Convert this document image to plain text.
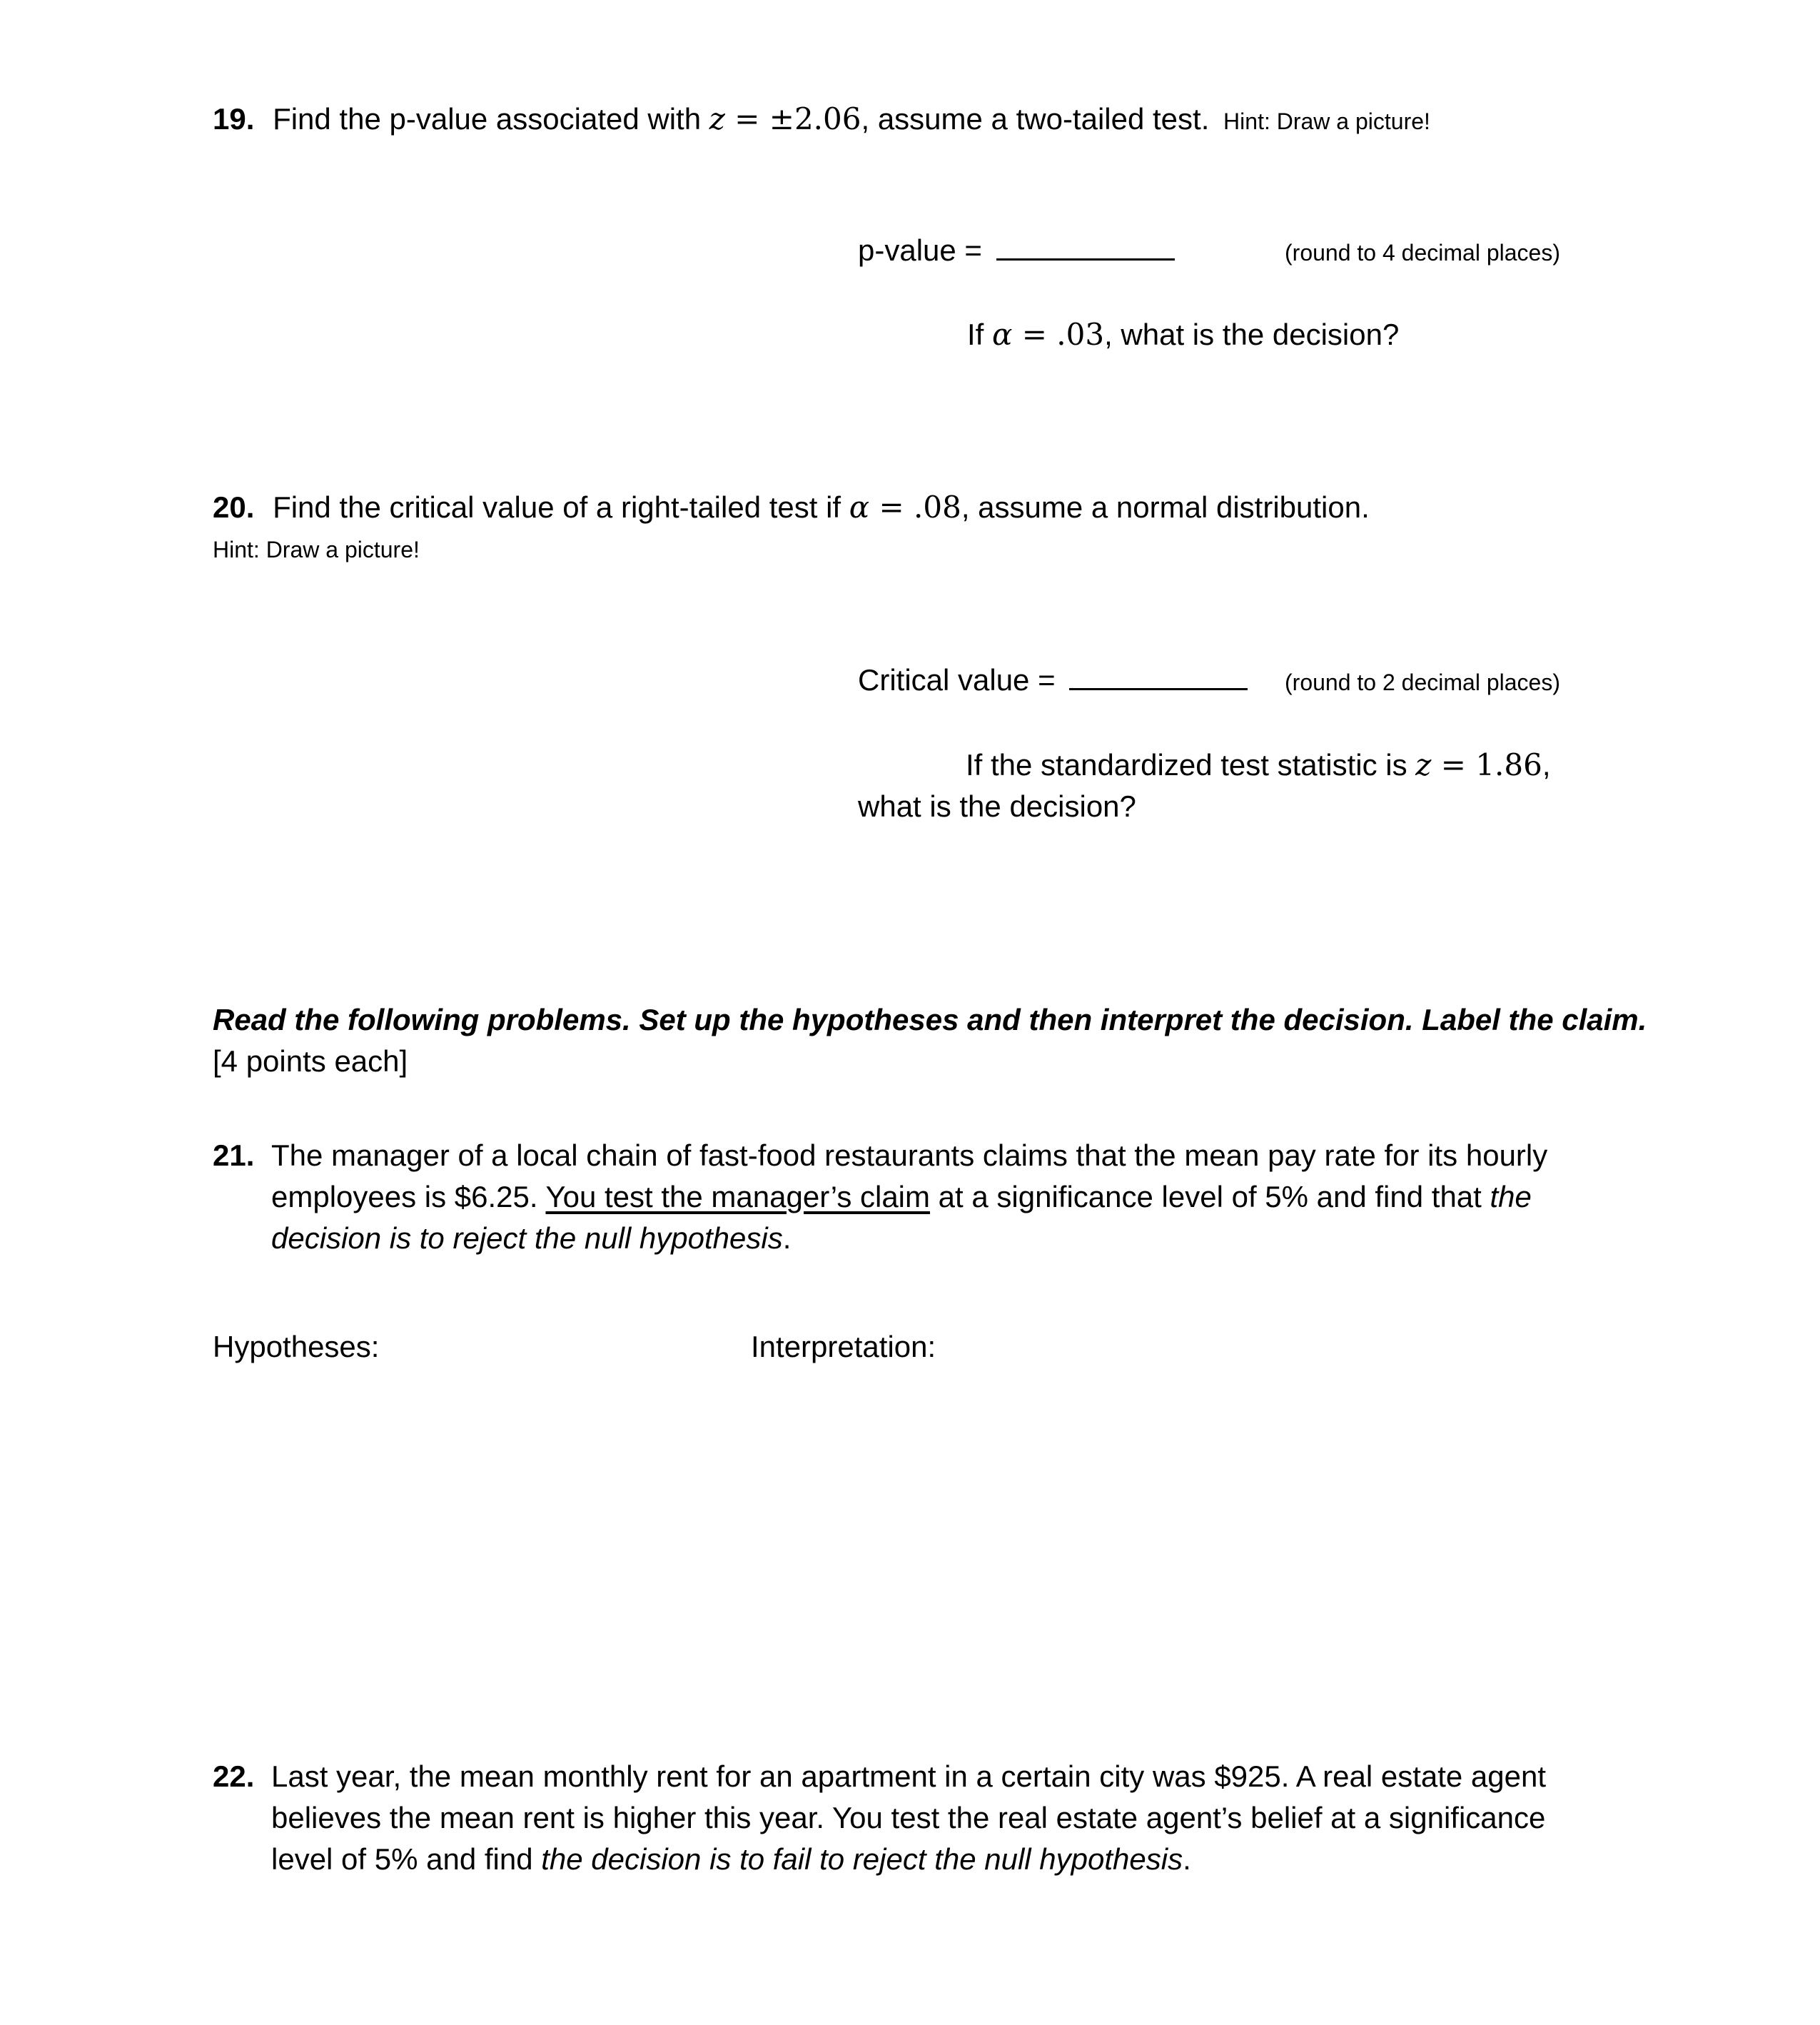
19. Find the p-value associated with z = ±2.06, assume a two-tailed test. Hint: Draw a picture!
p-value =	(round to 4 decimal places)
If α = .03, what is the decision?
20. Find the critical value of a right-tailed test if α = .08, assume a normal distribution.
Hint: Draw a picture!
Critical value =	(round to 2 decimal places)
If the standardized test statistic is z = 1.86,
what is the decision?
Read the following problems. Set up the hypotheses and then interpret the decision. Label the claim.
[4 points each]
21. The manager of a local chain of fast-food restaurants claims that the mean pay rate for its hourly
employees is $6.25. You test the manager’s claim at a significance level of 5% and find that the
decision is to reject the null hypothesis.
Hypotheses:	Interpretation:
22. Last year, the mean monthly rent for an apartment in a certain city was $925. A real estate agent
believes the mean rent is higher this year. You test the real estate agent’s belief at a significance
level of 5% and find the decision is to fail to reject the null hypothesis.
